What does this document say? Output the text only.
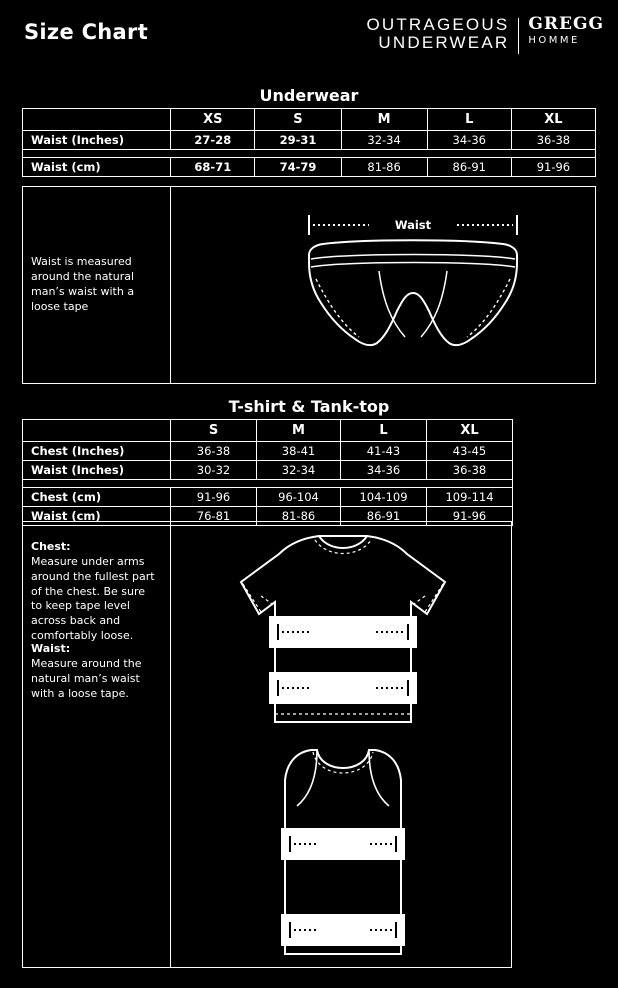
Size Chart	OUTRAGEOUS
UNDERWEAR
GREGG
HOMME
Underwear
	XS	S	M	L	XL
Waist (Inches)	27-28	29-31	32-34	34-36	36-38

Waist (cm)	68-71	74-79	81-86	86-91	91-96
Waist is measured around the natural man’s waist with a loose tape
Waist
T-shirt & Tank-top
	S	M	L	XL
Chest (Inches)	36-38	38-41	41-43	43-45
Waist (Inches)	30-32	32-34	34-36	36-38

Chest (cm)	91-96	96-104	104-109	109-114
Waist (cm)	76-81	81-86	86-91	91-96
Chest:
Measure under arms around the fullest part of the chest. Be sure to keep tape level across back and comfortably loose.
Waist:
Measure around the natural man’s waist with a loose tape.
Chest
Waist
Chest
Waist
